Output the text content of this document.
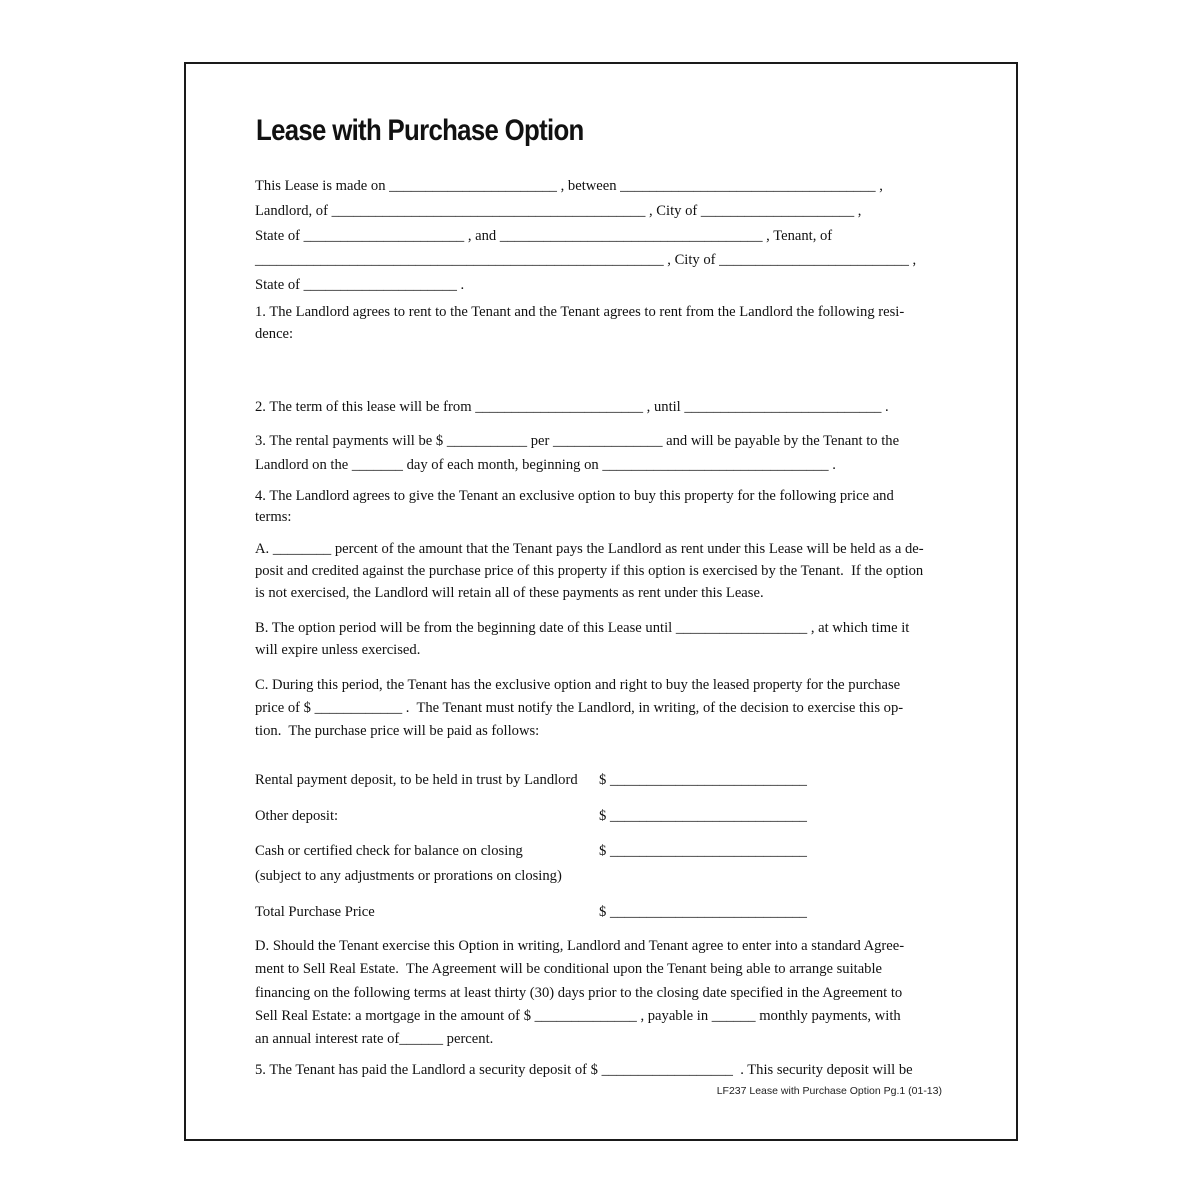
Lease with Purchase Option
This Lease is made on _______________________ , between ___________________________________ ,
Landlord, of ___________________________________________ , City of _____________________ ,
State of ______________________ , and ____________________________________ , Tenant, of
________________________________________________________ , City of __________________________ ,
State of _____________________ .
1. The Landlord agrees to rent to the Tenant and the Tenant agrees to rent from the Landlord the following resi-
dence:
2. The term of this lease will be from _______________________ , until ___________________________ .
3. The rental payments will be $ ___________ per _______________ and will be payable by the Tenant to the
Landlord on the _______ day of each month, beginning on _______________________________ .
4. The Landlord agrees to give the Tenant an exclusive option to buy this property for the following price and
terms:
A. ________ percent of the amount that the Tenant pays the Landlord as rent under this Lease will be held as a de-
posit and credited against the purchase price of this property if this option is exercised by the Tenant.  If the option
is not exercised, the Landlord will retain all of these payments as rent under this Lease.
B. The option period will be from the beginning date of this Lease until __________________ , at which time it
will expire unless exercised.
C. During this period, the Tenant has the exclusive option and right to buy the leased property for the purchase
price of $ ____________ .  The Tenant must notify the Landlord, in writing, of the decision to exercise this op-
tion.  The purchase price will be paid as follows:
Rental payment deposit, to be held in trust by Landlord $ ___________________________
Other deposit:	$ ___________________________
Cash or certified check for balance on closing
(subject to any adjustments or prorations on closing)
$ ___________________________
Total Purchase Price	$ ___________________________
D. Should the Tenant exercise this Option in writing, Landlord and Tenant agree to enter into a standard Agree-
ment to Sell Real Estate.  The Agreement will be conditional upon the Tenant being able to arrange suitable
financing on the following terms at least thirty (30) days prior to the closing date specified in the Agreement to
Sell Real Estate: a mortgage in the amount of $ ______________ , payable in ______ monthly payments, with
an annual interest rate of______ percent.
5. The Tenant has paid the Landlord a security deposit of $ __________________  . This security deposit will be
LF237 Lease with Purchase Option Pg.1 (01-13)
